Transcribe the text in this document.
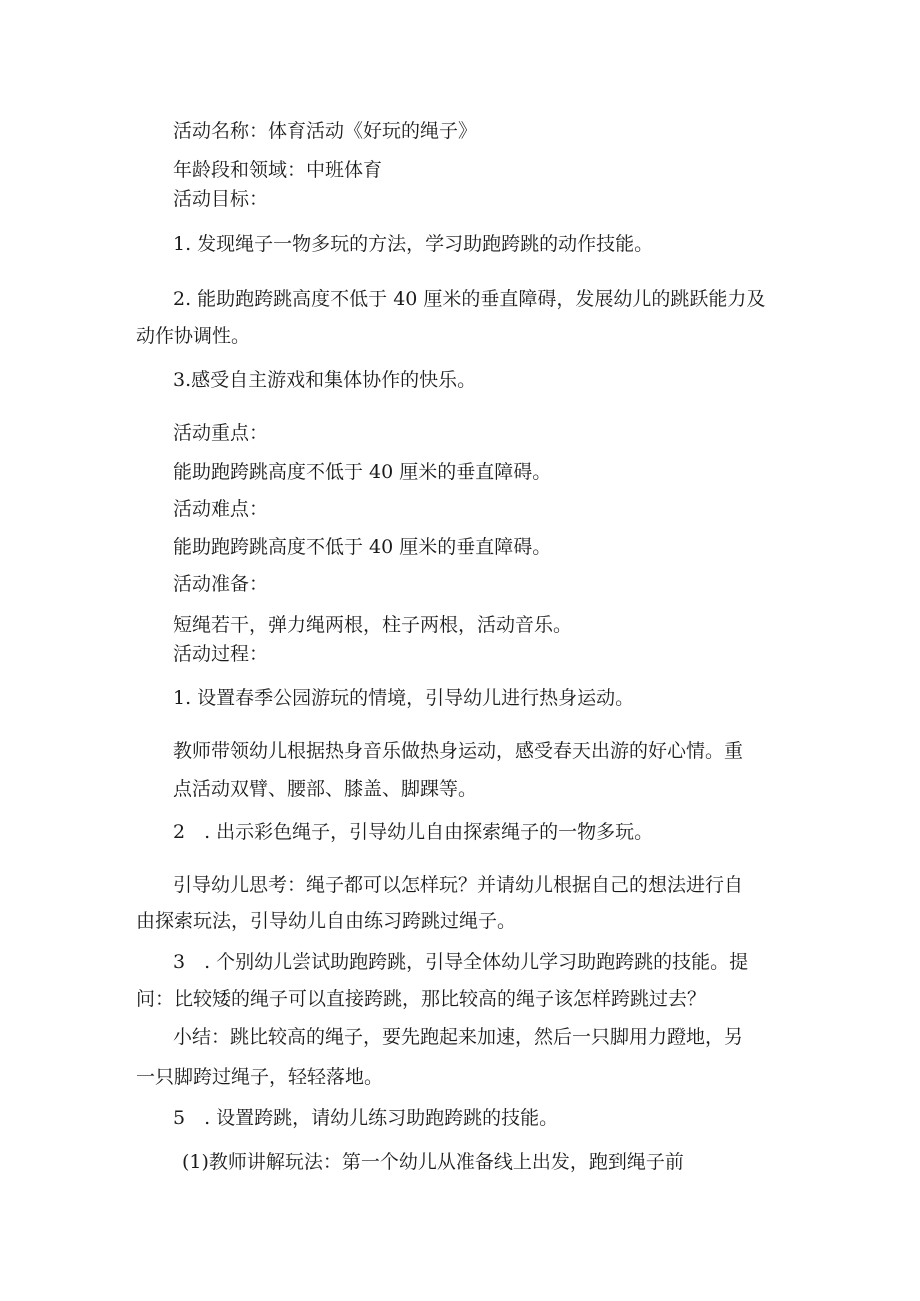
活动名称：体育活动《好玩的绳子》
年龄段和领域：中班体育
活动目标：
1. 发现绳子一物多玩的方法，学习助跑跨跳的动作技能。
2. 能助跑跨跳高度不低于 40 厘米的垂直障碍，发展幼儿的跳跃能力及
动作协调性。
3.感受自主游戏和集体协作的快乐。
活动重点：
能助跑跨跳高度不低于 40 厘米的垂直障碍。
活动难点：
能助跑跨跳高度不低于 40 厘米的垂直障碍。
活动准备：
短绳若干，弹力绳两根，柱子两根，活动音乐。
活动过程：
1. 设置春季公园游玩的情境，引导幼儿进行热身运动。
教师带领幼儿根据热身音乐做热身运动，感受春天出游的好心情。重
点活动双臂、腰部、膝盖、脚踝等。
2　. 出示彩色绳子，引导幼儿自由探索绳子的一物多玩。
引导幼儿思考：绳子都可以怎样玩？并请幼儿根据自己的想法进行自
由探索玩法，引导幼儿自由练习跨跳过绳子。
3　. 个别幼儿尝试助跑跨跳，引导全体幼儿学习助跑跨跳的技能。提
问：比较矮的绳子可以直接跨跳，那比较高的绳子该怎样跨跳过去？
小结：跳比较高的绳子，要先跑起来加速，然后一只脚用力蹬地，另
一只脚跨过绳子，轻轻落地。
5　. 设置跨跳，请幼儿练习助跑跨跳的技能。
(1)教师讲解玩法：第一个幼儿从准备线上出发，跑到绳子前
